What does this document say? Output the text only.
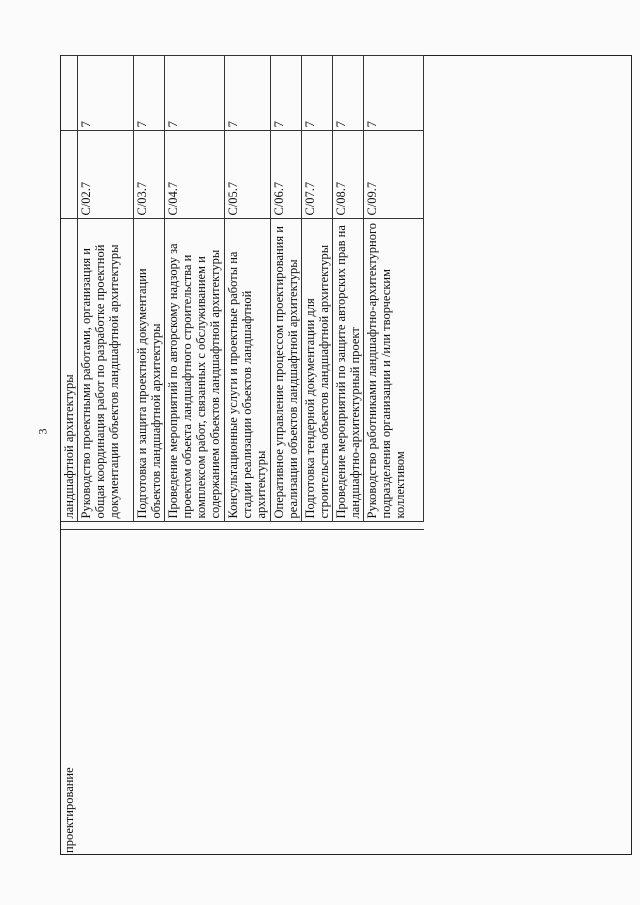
3
проектирование		ландшафтной архитектуры		
		Руководство проектными работами, организация и общая координация работ по разработке проектной документации объектов ландшафтной архитектуры	C/02.7	7
		Подготовка и защита проектной документации объектов ландшафтной архитектуры	C/03.7	7
		Проведение мероприятий по авторскому надзору за проектом объекта ландшафтного строительства и комплексом работ, связанных с обслуживанием и содержанием объектов ландшафтной архитектуры	C/04.7	7
		Консультационные услуги и проектные работы на стадии реализации объектов ландшафтной архитектуры	C/05.7	7
		Оперативное управление процессом проектирования и реализации объектов ландшафтной архитектуры	C/06.7	7
		Подготовка тендерной документации для строительства объектов ландшафтной архитектуры	C/07.7	7
		Проведение мероприятий по защите авторских прав на ландшафтно-архитектурный проект	C/08.7	7
		Руководство работниками ландшафтно-архитектурного подразделения организации и /или творческим коллективом	C/09.7	7
